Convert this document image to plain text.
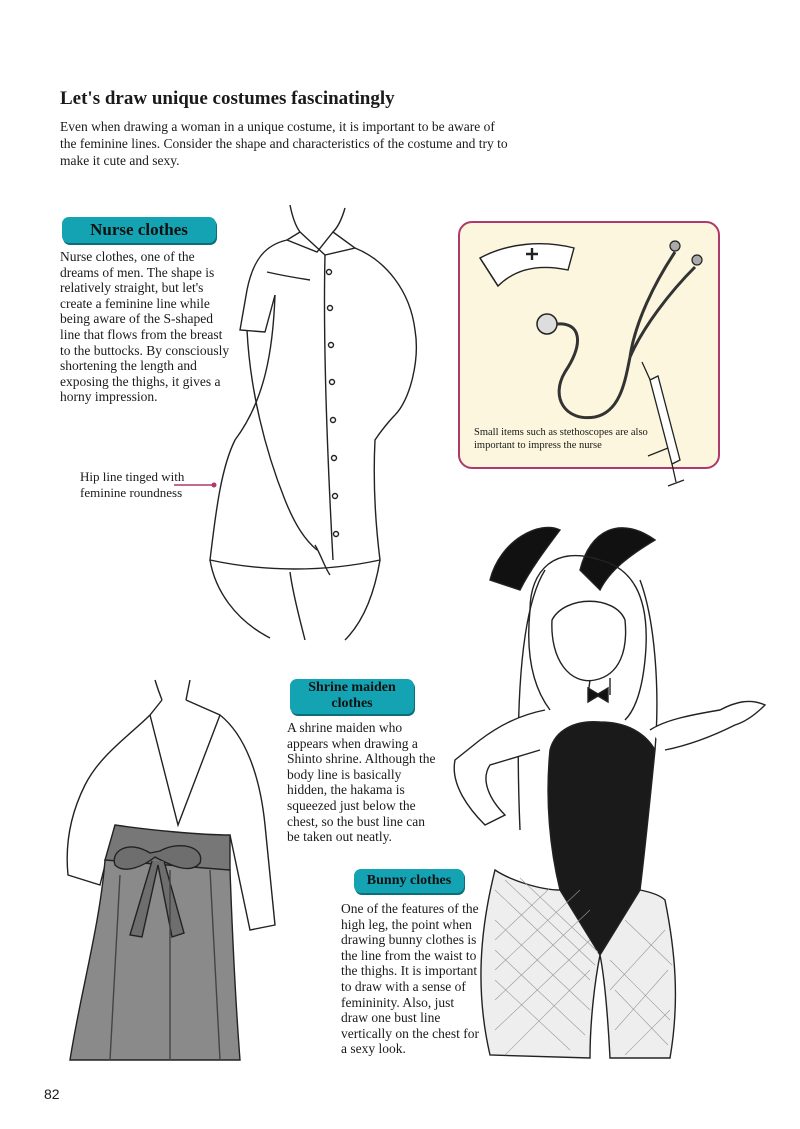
Let's draw unique costumes fascinatingly
Even when drawing a woman in a unique costume, it is important to be aware of the feminine lines. Consider the shape and characteristics of the costume and try to make it cute and sexy.
Nurse clothes
Nurse clothes, one of the dreams of men. The shape is relatively straight, but let's create a feminine line while being aware of the S-shaped line that flows from the breast to the buttocks. By consciously shortening the length and exposing the thighs, it gives a horny impression.
Hip line tinged with feminine roundness
Small items such as stethoscopes are also important to impress the nurse
Shrine maiden clothes
A shrine maiden who appears when drawing a Shinto shrine. Although the body line is basically hidden, the hakama is squeezed just below the chest, so the bust line can be taken out neatly.
Bunny clothes
One of the features of the high leg, the point when drawing bunny clothes is the line from the waist to the thighs. It is important to draw with a sense of femininity. Also, just draw one bust line vertically on the chest for a sexy look.
82
